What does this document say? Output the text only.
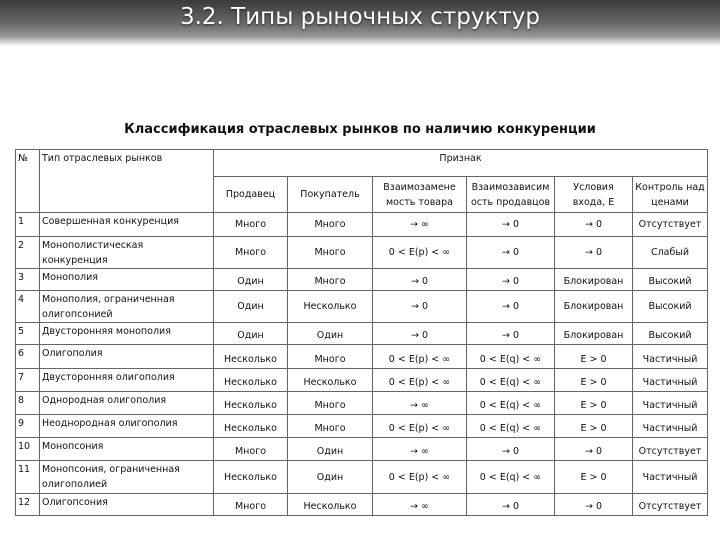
3.2. Типы рыночных структур
Классификация отраслевых рынков по наличию конкуренции
№	Тип отраслевых рынков	Признак					
		Продавец	Покупатель	Взаимозамене мость товара	Взаимозависим ость продавцов	Условия входа, Е	Контроль над ценами
1	Совершенная конкуренция	Много	Много	→ ∞	→ 0	→ 0	Отсутствует
2	Монополистическая конкуренция	Много	Много	0 < E(p) < ∞	→ 0	→ 0	Слабый
3	Монополия	Один	Много	→ 0	→ 0	Блокирован	Высокий
4	Монополия, ограниченная олигопсонией	Один	Несколько	→ 0	→ 0	Блокирован	Высокий
5	Двусторонняя монополия	Один	Один	→ 0	→ 0	Блокирован	Высокий
6	Олигополия	Несколько	Много	0 < E(p) < ∞	0 < E(q) < ∞	E > 0	Частичный
7	Двусторонняя олигополия	Несколько	Несколько	0 < E(p) < ∞	0 < E(q) < ∞	E > 0	Частичный
8	Однородная олигополия	Несколько	Много	→ ∞	0 < E(q) < ∞	E > 0	Частичный
9	Неоднородная олигополия	Несколько	Много	0 < E(p) < ∞	0 < E(q) < ∞	E > 0	Частичный
10	Монопсония	Много	Один	→ ∞	→ 0	→ 0	Отсутствует
11	Монопсония, ограниченная олигополией	Несколько	Один	0 < E(p) < ∞	0 < E(q) < ∞	E > 0	Частичный
12	Олигопсония	Много	Несколько	→ ∞	→ 0	→ 0	Отсутствует
